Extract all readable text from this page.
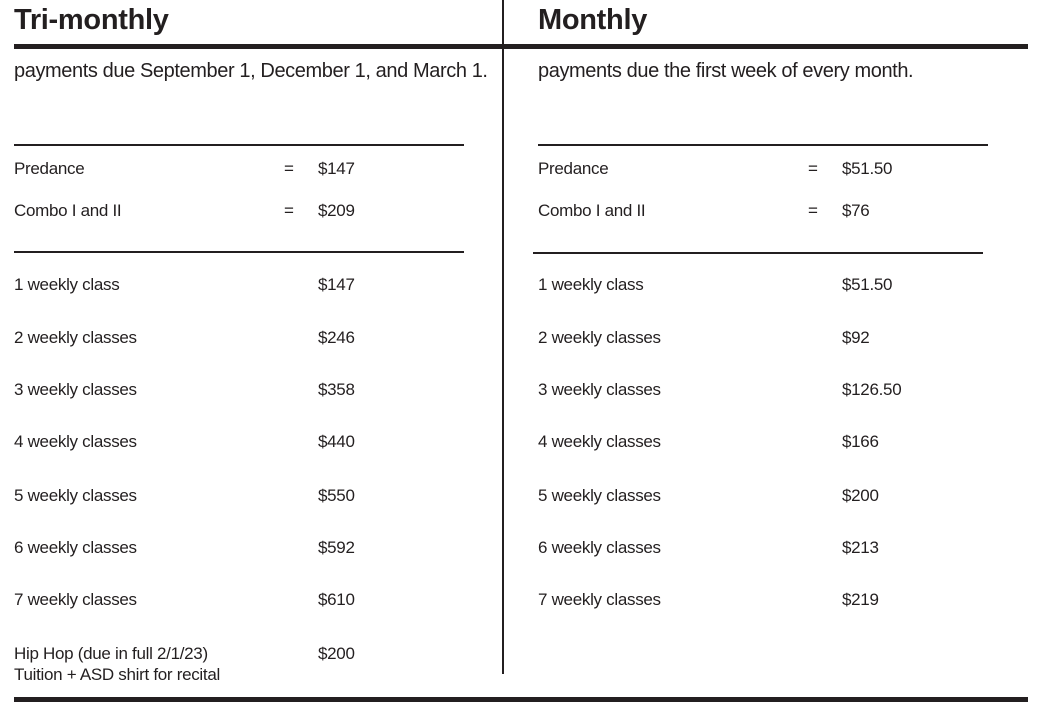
Tri-monthly	Monthly
payments due September 1, December 1, and March 1.	payments due the first week of every month.
Predance	= $147
Combo I and II	= $209
Predance	= $51.50
Combo I and II	= $76
1 weekly class	$147
2 weekly classes	$246
3 weekly classes	$358
4 weekly classes	$440
5 weekly classes	$550
6 weekly classes	$592
7 weekly classes	$610
Hip Hop (due in full 2/1/23)	$200
Tuition + ASD shirt for recital
1 weekly class	$51.50
2 weekly classes	$92
3 weekly classes	$126.50
4 weekly classes	$166
5 weekly classes	$200
6 weekly classes	$213
7 weekly classes	$219
